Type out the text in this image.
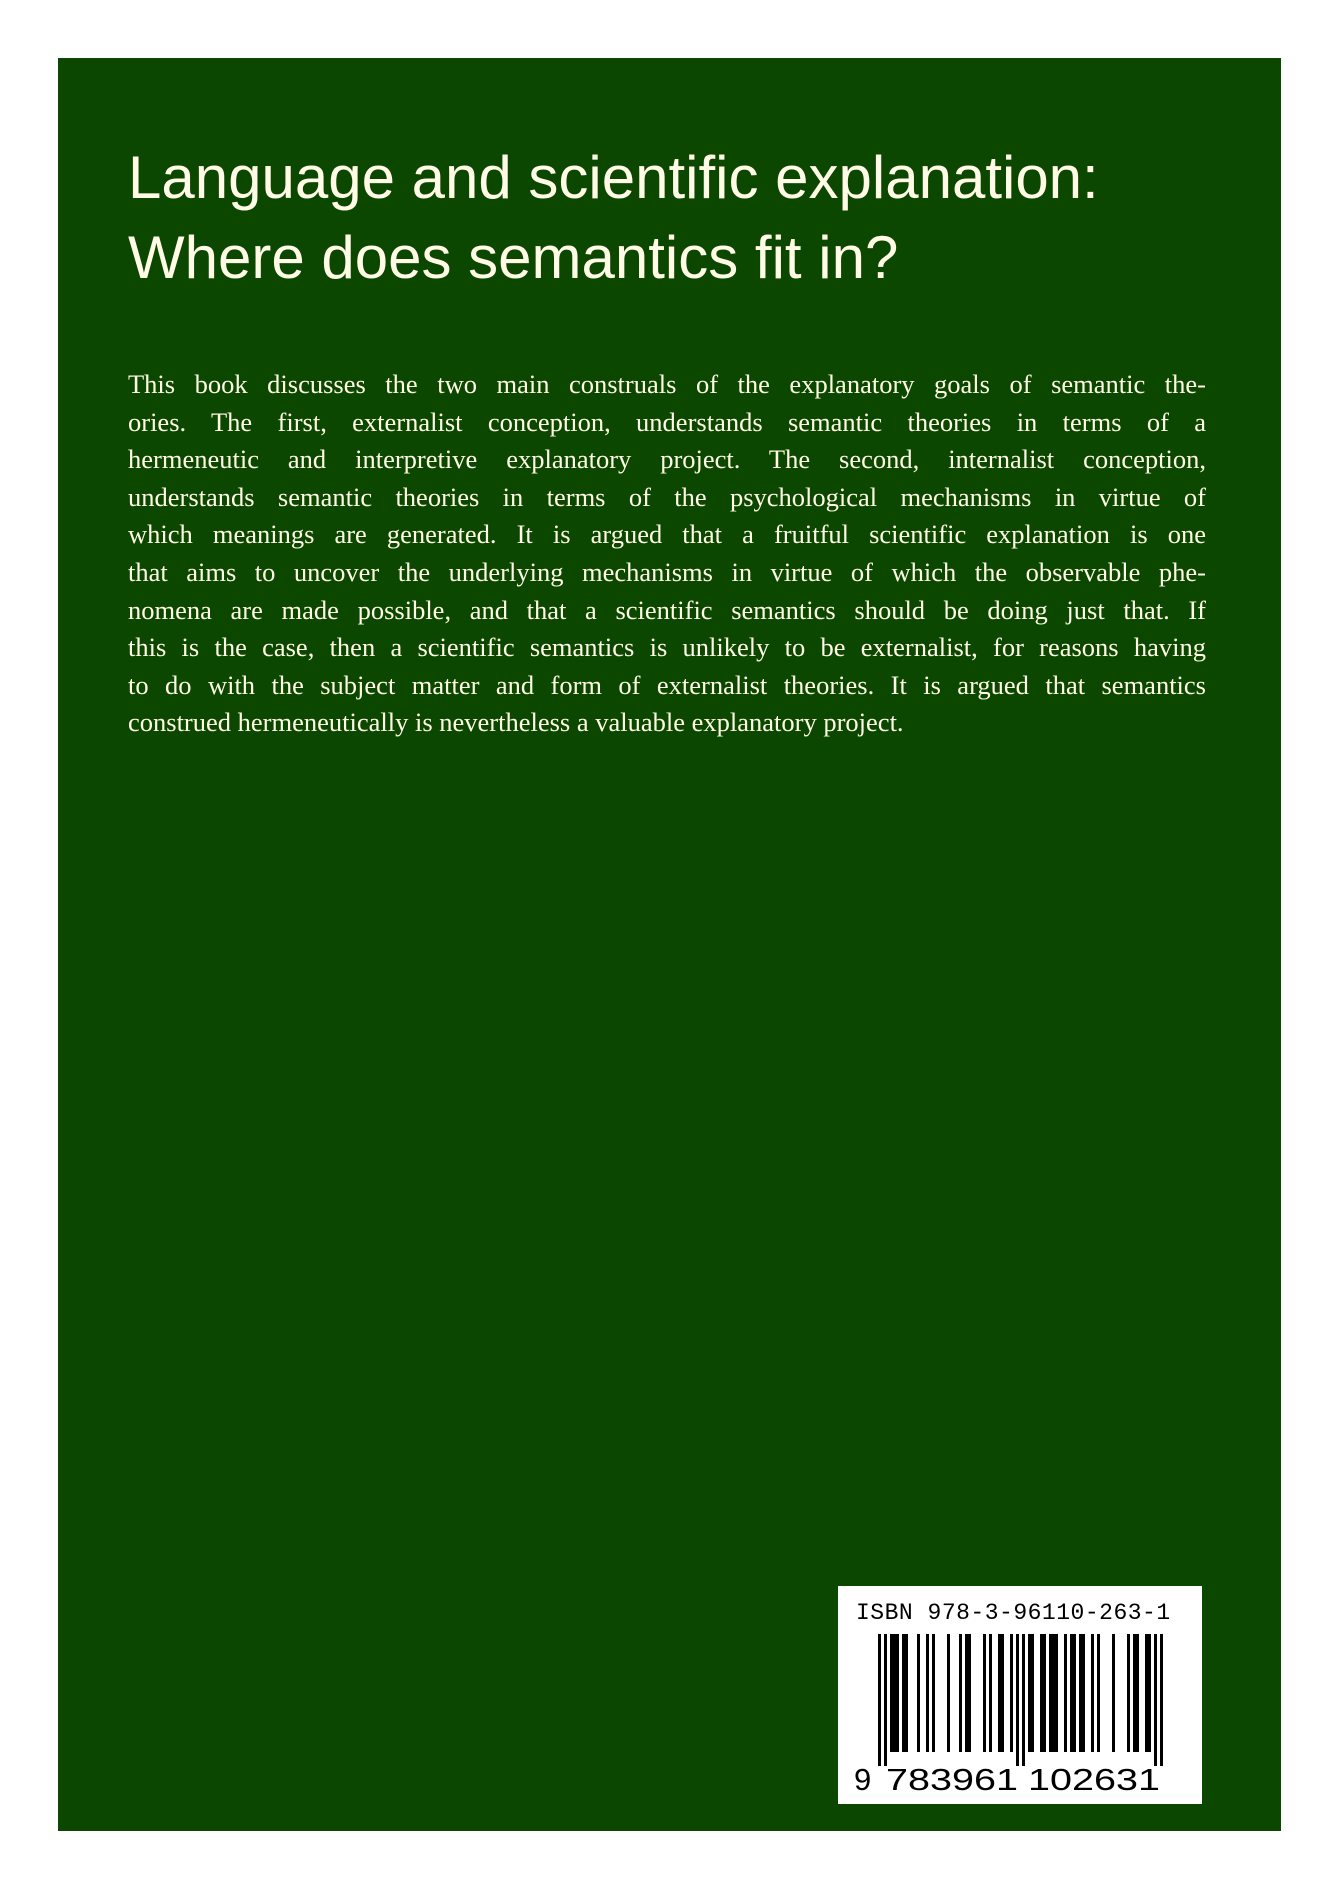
Language and scientific explanation:
Where does semantics fit in?
This book discusses the two main construals of the explanatory goals of semantic the-
ories. The first, externalist conception, understands semantic theories in terms of a
hermeneutic and interpretive explanatory project. The second, internalist conception,
understands semantic theories in terms of the psychological mechanisms in virtue of
which meanings are generated. It is argued that a fruitful scientific explanation is one
that aims to uncover the underlying mechanisms in virtue of which the observable phe-
nomena are made possible, and that a scientific semantics should be doing just that. If
this is the case, then a scientific semantics is unlikely to be externalist, for reasons having
to do with the subject matter and form of externalist theories. It is argued that semantics
construed hermeneutically is nevertheless a valuable explanatory project.
ISBN 978-3-96110-263-1
9 783961 102631
